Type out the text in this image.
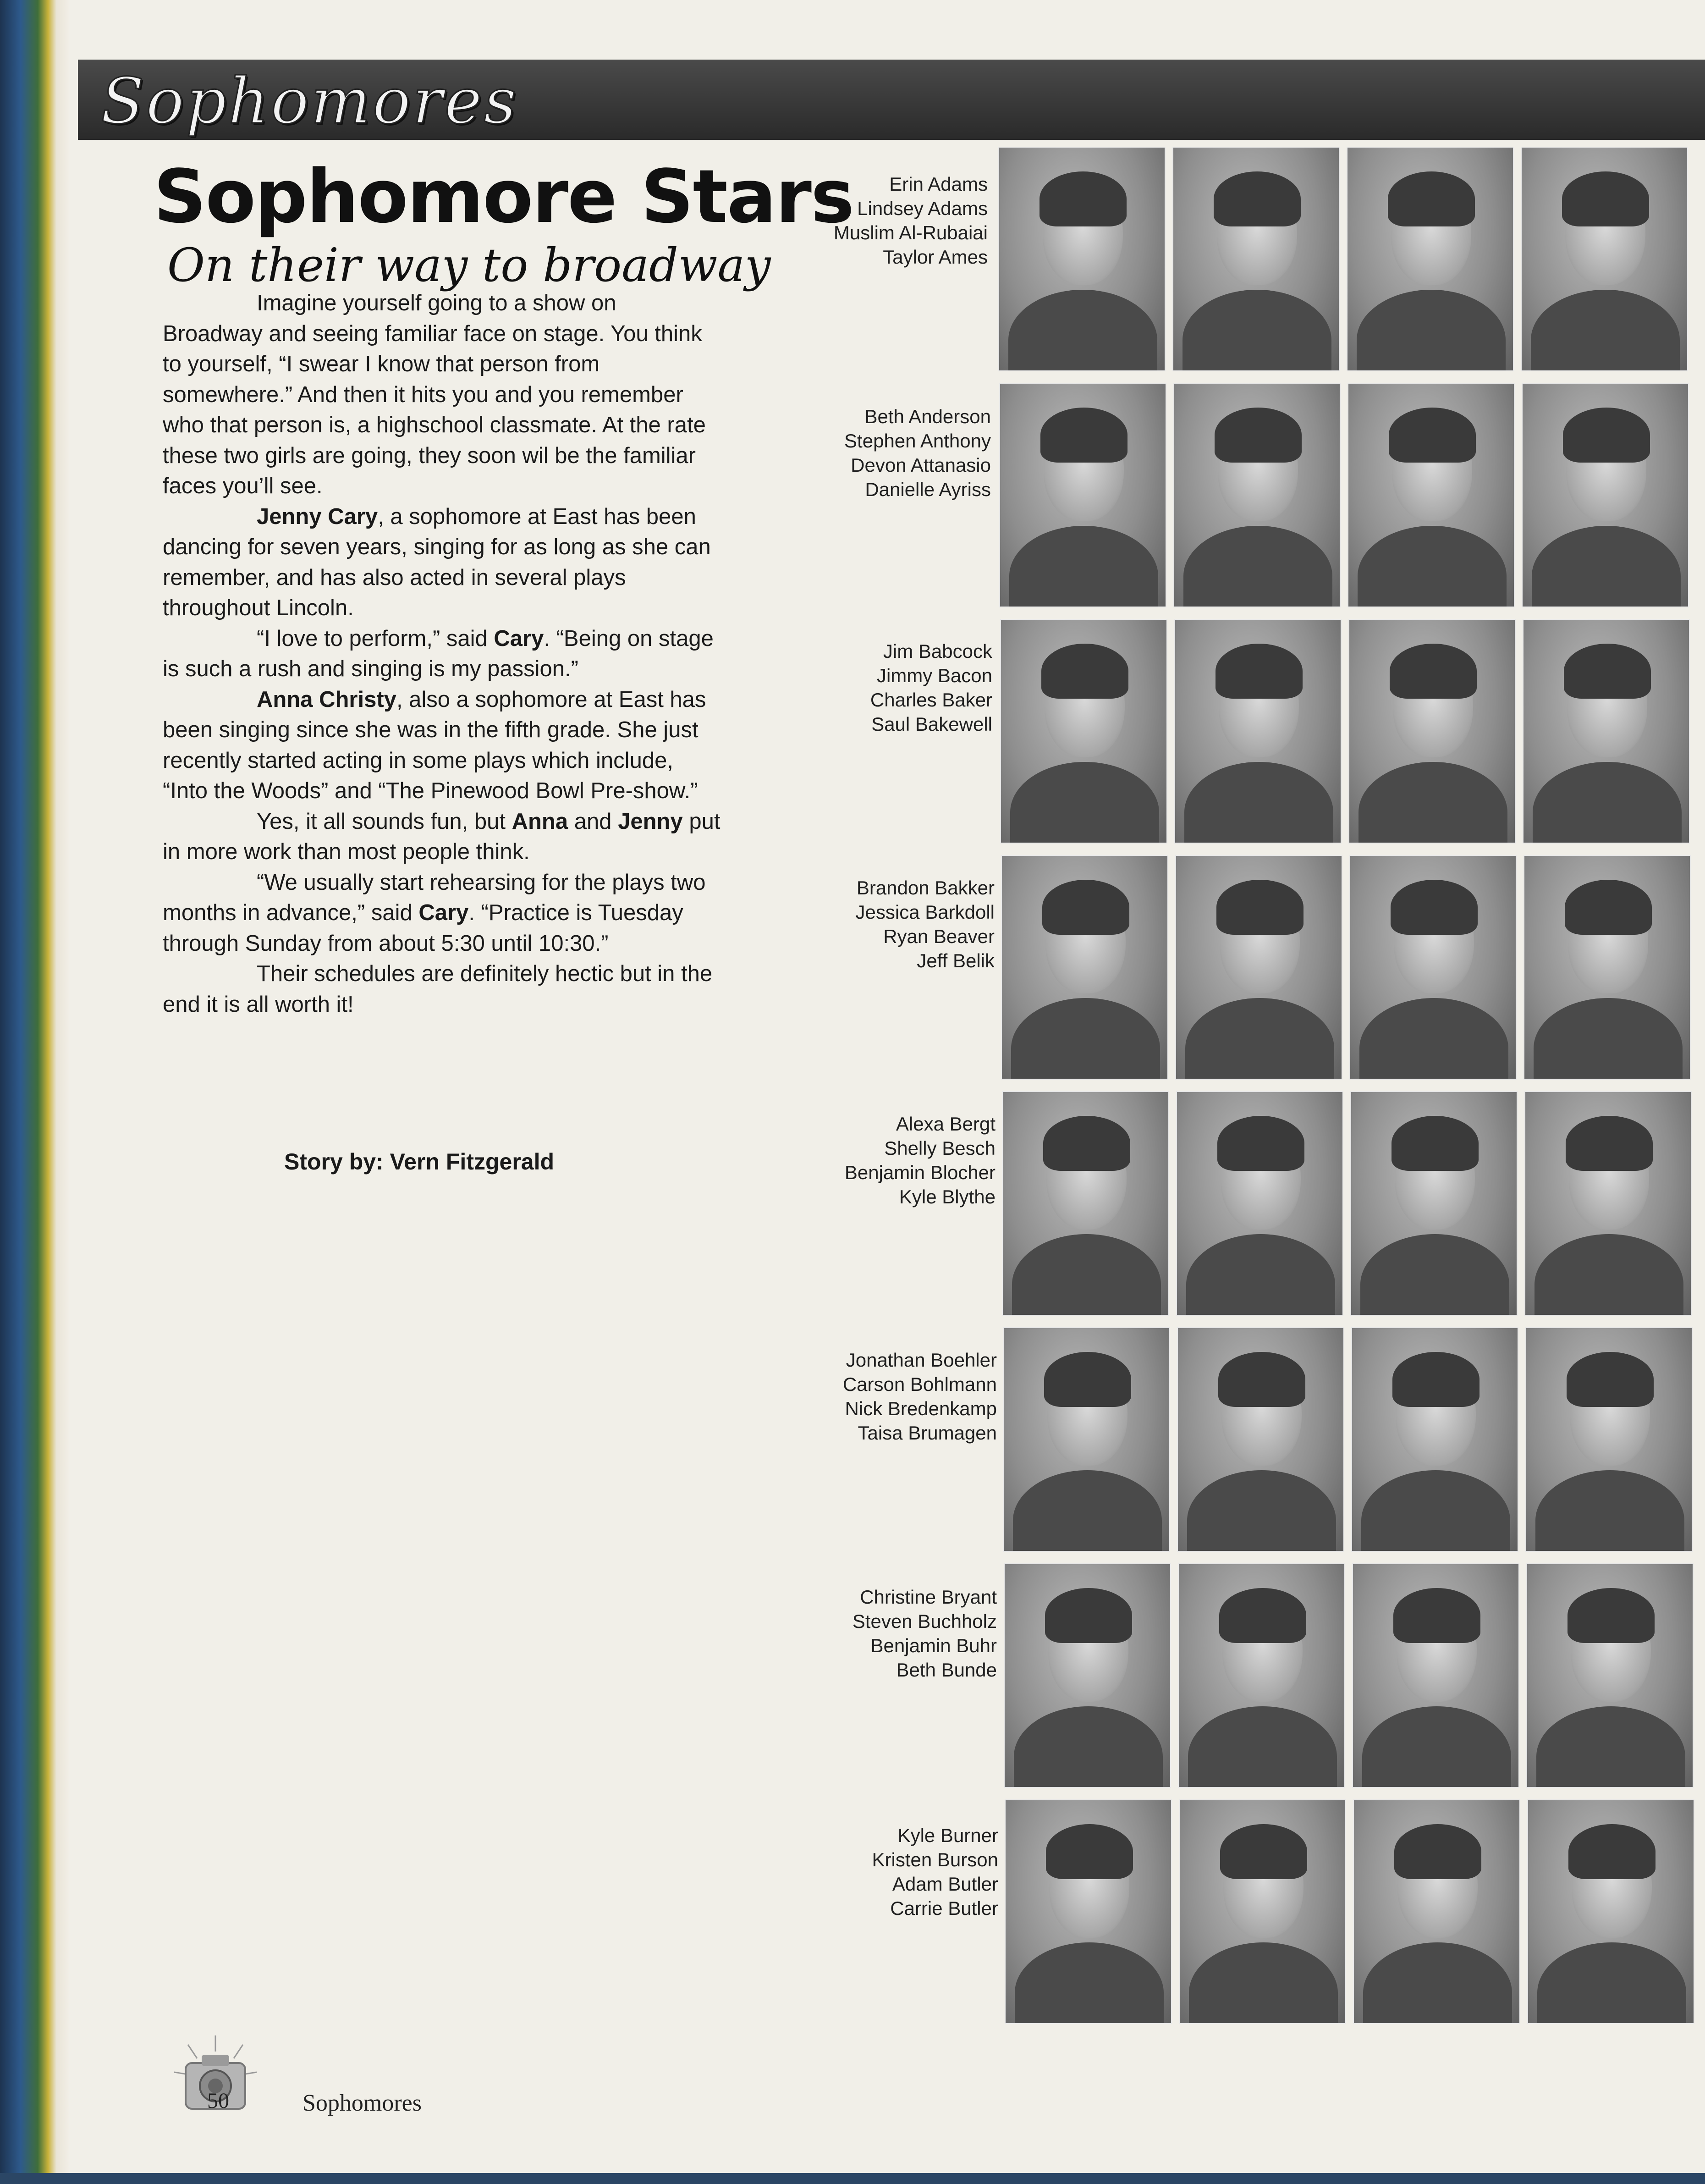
Sophomores
Sophomore Stars
On their way to broadway

Imagine yourself going to a show on Broadway and seeing familiar face on stage. You think to yourself, “I swear I know that person from somewhere.” And then it hits you and you remember who that person is, a highschool classmate. At the rate these two girls are going, they soon wil be the familiar faces you’ll see.

Jenny Cary, a sophomore at East has been dancing for seven years, singing for as long as she can remember, and has also acted in several plays throughout Lincoln.

“I love to perform,” said Cary. “Being on stage is such a rush and singing is my passion.”

Anna Christy, also a sophomore at East has been singing since she was in the fifth grade. She just recently started acting in some plays which include, “Into the Woods” and “The Pinewood Bowl Pre-show.”

Yes, it all sounds fun, but Anna and Jenny put in more work than most people think.

“We usually start rehearsing for the plays two months in advance,” said Cary. “Practice is Tuesday through Sunday from about 5:30 until 10:30.”

Their schedules are definitely hectic but in the end it is all worth it!

Story by: Vern Fitzgerald
Erin Adams
Lindsey Adams
Muslim Al-Rubaiai
Taylor Ames
Beth Anderson
Stephen Anthony
Devon Attanasio
Danielle Ayriss
Jim Babcock
Jimmy Bacon
Charles Baker
Saul Bakewell
Brandon Bakker
Jessica Barkdoll
Ryan Beaver
Jeff Belik
Alexa Bergt
Shelly Besch
Benjamin Blocher
Kyle Blythe
Jonathan Boehler
Carson Bohlmann
Nick Bredenkamp
Taisa Brumagen
Christine Bryant
Steven Buchholz
Benjamin Buhr
Beth Bunde
Kyle Burner
Kristen Burson
Adam Butler
Carrie Butler
50	Sophomores
